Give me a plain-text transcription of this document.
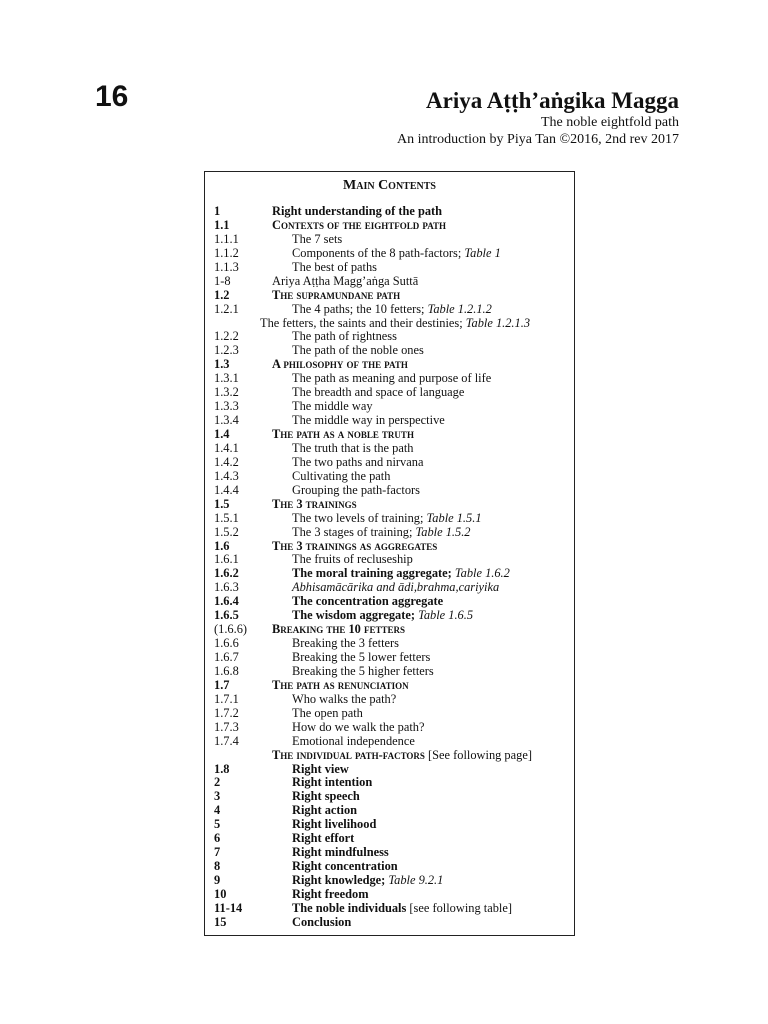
16	Ariya Aṭṭh’aṅgika Magga
The noble eightfold path
An introduction by Piya Tan ©2016, 2nd rev 2017
Main Contents
1	Right understanding of the path
1.1	Contexts of the eightfold path
1.1.1	The 7 sets
1.1.2	Components of the 8 path-factors; Table 1
1.1.3	The best of paths
1-8	Ariya Aṭṭha Magg’aṅga Suttā
1.2	The supramundane path
1.2.1	The 4 paths; the 10 fetters; Table 1.2.1.2
The fetters, the saints and their destinies; Table 1.2.1.3
1.2.2	The path of rightness
1.2.3	The path of the noble ones
1.3	A philosophy of the path
1.3.1	The path as meaning and purpose of life
1.3.2	The breadth and space of language
1.3.3	The middle way
1.3.4	The middle way in perspective
1.4	The path as a noble truth
1.4.1	The truth that is the path
1.4.2	The two paths and nirvana
1.4.3	Cultivating the path
1.4.4	Grouping the path-factors
1.5	The 3 trainings
1.5.1	The two levels of training; Table 1.5.1
1.5.2	The 3 stages of training; Table 1.5.2
1.6	The 3 trainings as aggregates
1.6.1	The fruits of recluseship
1.6.2	The moral training aggregate; Table 1.6.2
1.6.3	Abhisamācārika and ādi,brahma,cariyika
1.6.4	The concentration aggregate
1.6.5	The wisdom aggregate; Table 1.6.5
(1.6.6) Breaking the 10 fetters
1.6.6	Breaking the 3 fetters
1.6.7	Breaking the 5 lower fetters
1.6.8	Breaking the 5 higher fetters
1.7	The path as renunciation
1.7.1	Who walks the path?
1.7.2	The open path
1.7.3	How do we walk the path?
1.7.4	Emotional independence
The individual path-factors [See following page]
1.8	Right view
2	Right intention
3	Right speech
4	Right action
5	Right livelihood
6	Right effort
7	Right mindfulness
8	Right concentration
9	Right knowledge; Table 9.2.1
10	Right freedom
11-14	The noble individuals [see following table]
15	Conclusion
